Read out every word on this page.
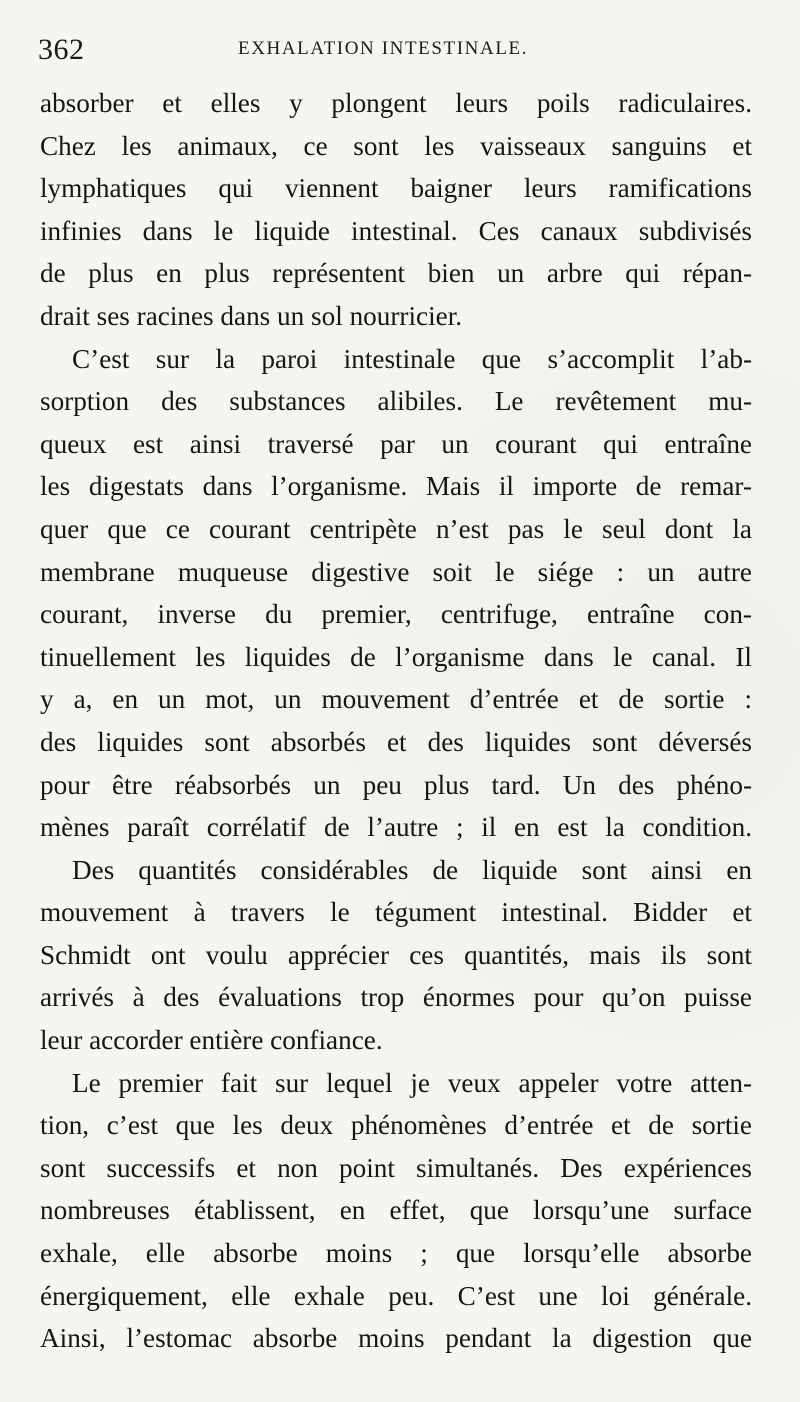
362	EXHALATION INTESTINALE.
absorber et elles y plongent leurs poils radiculaires.
Chez les animaux, ce sont les vaisseaux sanguins et
lymphatiques qui viennent baigner leurs ramifications
infinies dans le liquide intestinal. Ces canaux subdivisés
de plus en plus représentent bien un arbre qui répan-
drait ses racines dans un sol nourricier.
C’est sur la paroi intestinale que s’accomplit l’ab-
sorption des substances alibiles. Le revêtement mu-
queux est ainsi traversé par un courant qui entraîne
les digestats dans l’organisme. Mais il importe de remar-
quer que ce courant centripète n’est pas le seul dont la
membrane muqueuse digestive soit le siége : un autre
courant, inverse du premier, centrifuge, entraîne con-
tinuellement les liquides de l’organisme dans le canal. Il
y a, en un mot, un mouvement d’entrée et de sortie :
des liquides sont absorbés et des liquides sont déversés
pour être réabsorbés un peu plus tard. Un des phéno-
mènes paraît corrélatif de l’autre ; il en est la condition.
Des quantités considérables de liquide sont ainsi en
mouvement à travers le tégument intestinal. Bidder et
Schmidt ont voulu apprécier ces quantités, mais ils sont
arrivés à des évaluations trop énormes pour qu’on puisse
leur accorder entière confiance.
Le premier fait sur lequel je veux appeler votre atten-
tion, c’est que les deux phénomènes d’entrée et de sortie
sont successifs et non point simultanés. Des expériences
nombreuses établissent, en effet, que lorsqu’une surface
exhale, elle absorbe moins ; que lorsqu’elle absorbe
énergiquement, elle exhale peu. C’est une loi générale.
Ainsi, l’estomac absorbe moins pendant la digestion que
